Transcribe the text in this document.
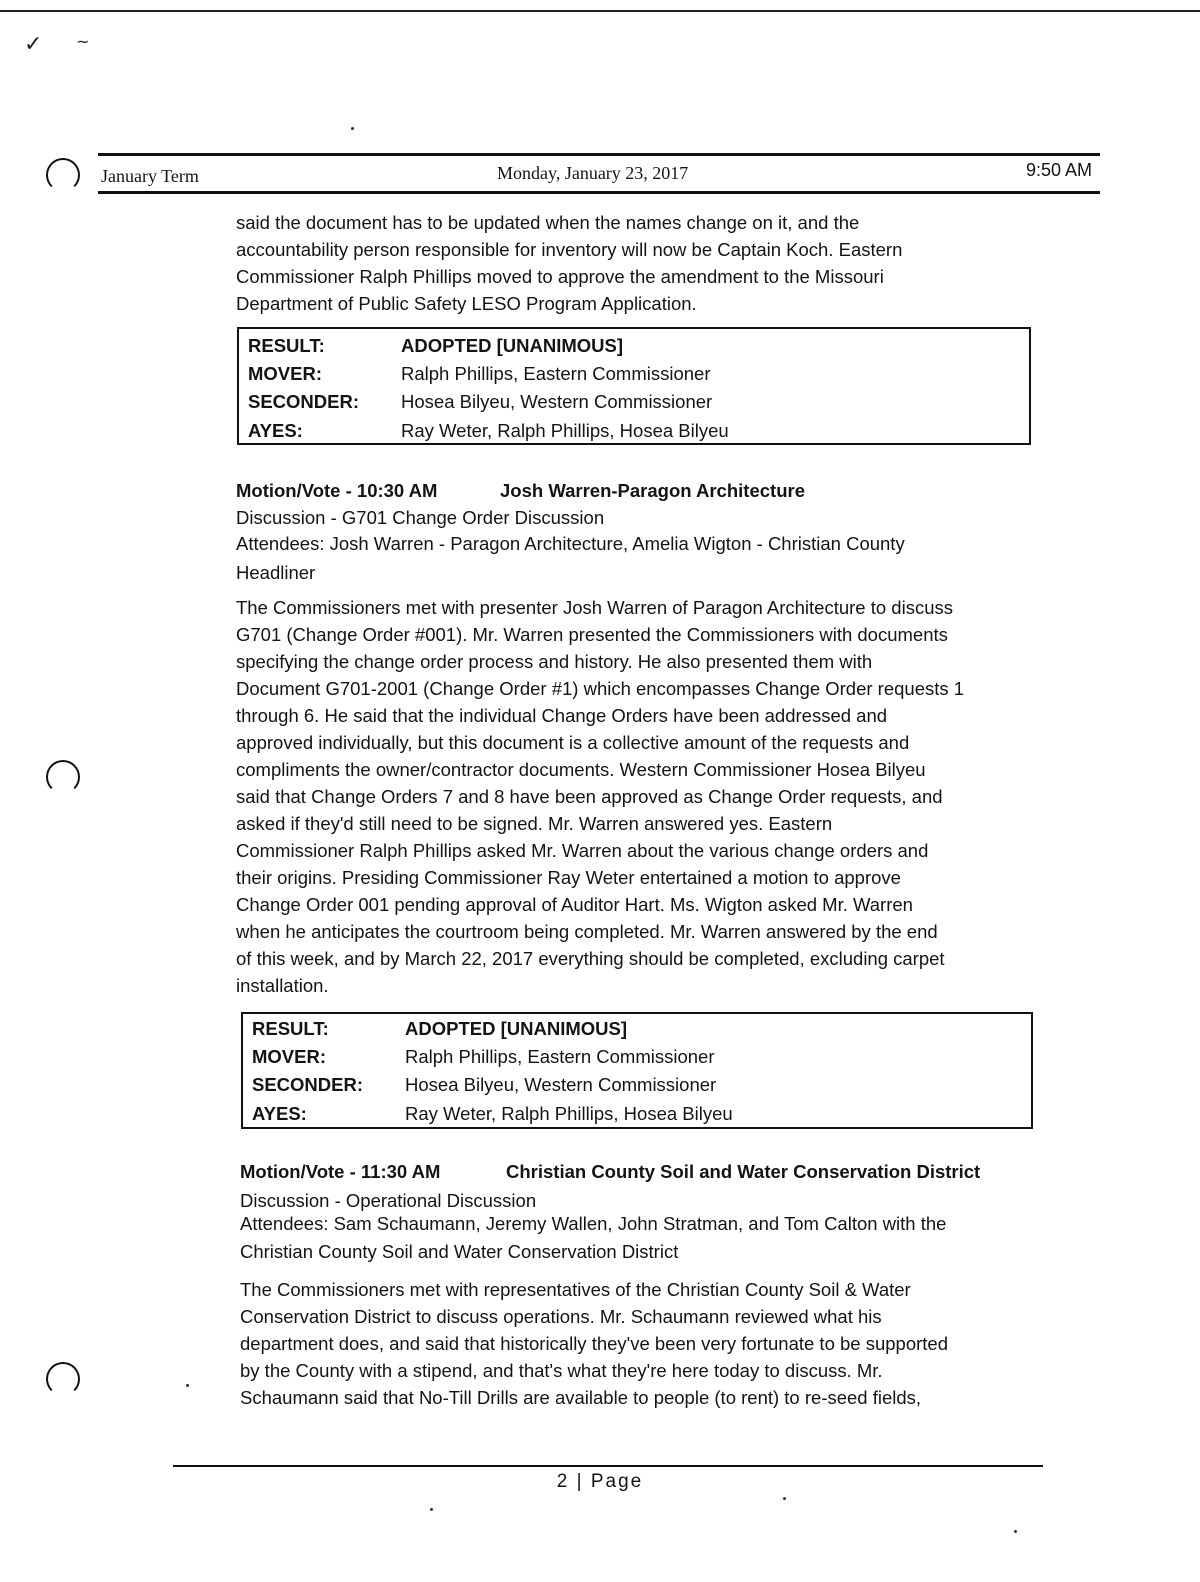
✓ ~
January Term	Monday, January 23, 2017	9:50 AM
said the document has to be updated when the names change on it, and the
accountability person responsible for inventory will now be Captain Koch. Eastern
Commissioner Ralph Phillips moved to approve the amendment to the Missouri
Department of Public Safety LESO Program Application.
RESULT:	ADOPTED [UNANIMOUS]
MOVER:	Ralph Phillips, Eastern Commissioner
SECONDER: Hosea Bilyeu, Western Commissioner
AYES:	Ray Weter, Ralph Phillips, Hosea Bilyeu
Motion/Vote - 10:30 AM	Josh Warren-Paragon Architecture
Discussion - G701 Change Order Discussion
Attendees: Josh Warren - Paragon Architecture, Amelia Wigton - Christian County
Headliner
The Commissioners met with presenter Josh Warren of Paragon Architecture to discuss
G701 (Change Order #001). Mr. Warren presented the Commissioners with documents
specifying the change order process and history. He also presented them with
Document G701-2001 (Change Order #1) which encompasses Change Order requests 1
through 6. He said that the individual Change Orders have been addressed and
approved individually, but this document is a collective amount of the requests and
compliments the owner/contractor documents. Western Commissioner Hosea Bilyeu
said that Change Orders 7 and 8 have been approved as Change Order requests, and
asked if they'd still need to be signed. Mr. Warren answered yes. Eastern
Commissioner Ralph Phillips asked Mr. Warren about the various change orders and
their origins. Presiding Commissioner Ray Weter entertained a motion to approve
Change Order 001 pending approval of Auditor Hart. Ms. Wigton asked Mr. Warren
when he anticipates the courtroom being completed. Mr. Warren answered by the end
of this week, and by March 22, 2017 everything should be completed, excluding carpet
installation.
RESULT:	ADOPTED [UNANIMOUS]
MOVER:	Ralph Phillips, Eastern Commissioner
SECONDER: Hosea Bilyeu, Western Commissioner
AYES:	Ray Weter, Ralph Phillips, Hosea Bilyeu
Motion/Vote - 11:30 AM	Christian County Soil and Water Conservation District
Discussion - Operational Discussion
Attendees: Sam Schaumann, Jeremy Wallen, John Stratman, and Tom Calton with the
Christian County Soil and Water Conservation District
The Commissioners met with representatives of the Christian County Soil & Water
Conservation District to discuss operations. Mr. Schaumann reviewed what his
department does, and said that historically they've been very fortunate to be supported
by the County with a stipend, and that's what they're here today to discuss. Mr.
Schaumann said that No-Till Drills are available to people (to rent) to re-seed fields,
2 | Page
